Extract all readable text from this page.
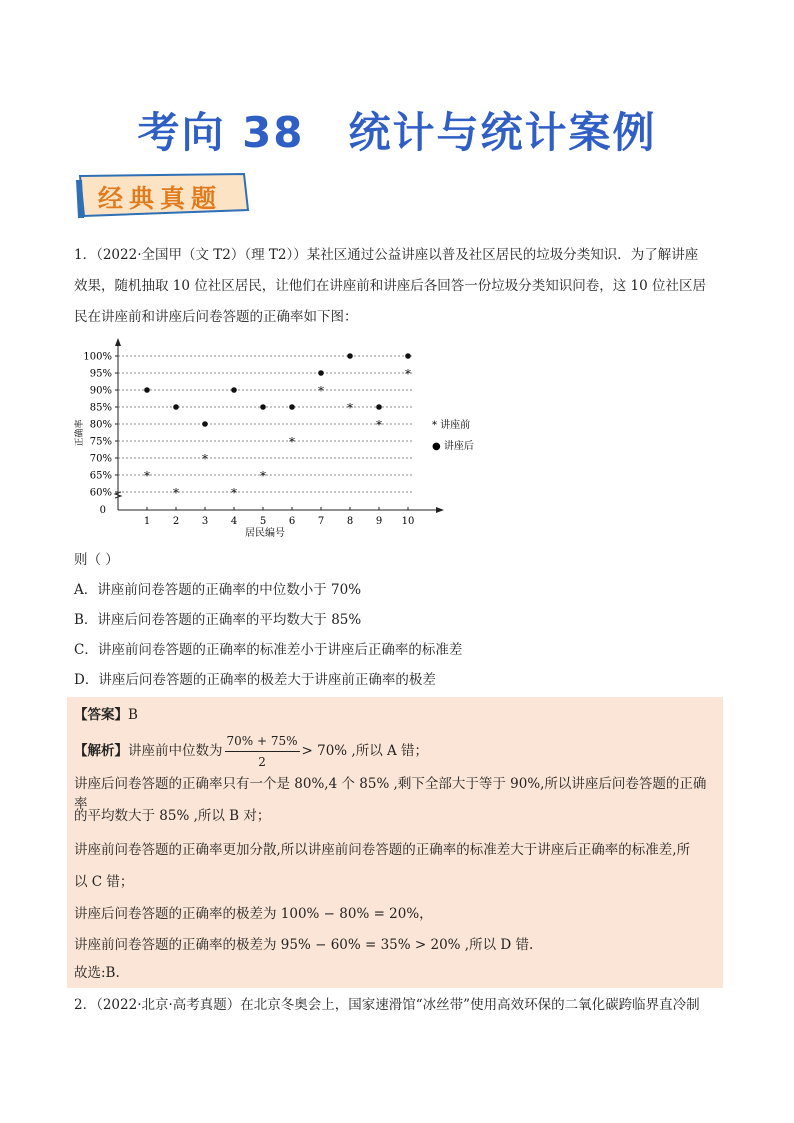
考向 38 统计与统计案例
经典真题
1．（2022·全国甲（文 T2）（理 T2））某社区通过公益讲座以普及社区居民的垃圾分类知识．为了解讲座
效果，随机抽取 10 位社区居民，让他们在讲座前和讲座后各回答一份垃圾分类知识问卷，这 10 位社区居
民在讲座前和讲座后问卷答题的正确率如下图：
0
60%
65%
70%
75%
80%
85%
90%
95%
100%
1 2 3 4 5 6 7 8 9 10
居民编号
正确率
*
*
*
*
*
*
*
*
*
*
* 讲座前
● 讲座后
则（ ）
A．讲座前问卷答题的正确率的中位数小于 70%
B．讲座后问卷答题的正确率的平均数大于 85%
C．讲座前问卷答题的正确率的标准差小于讲座后正确率的标准差
D．讲座后问卷答题的正确率的极差大于讲座前正确率的极差
【答案】B
【解析】讲座前中位数为 $\frac{70\% + 75\%}{2} > 70\%$ ,所以 A 错；
讲座后问卷答题的正确率只有一个是 80%,4 个 85% ,剩下全部大于等于 90%,所以讲座后问卷答题的正确率
的平均数大于 85% ,所以 B 对；
讲座前问卷答题的正确率更加分散,所以讲座前问卷答题的正确率的标准差大于讲座后正确率的标准差,所
以 C 错；
讲座后问卷答题的正确率的极差为 100% − 80% = 20%，
讲座前问卷答题的正确率的极差为 95% − 60% = 35% > 20% ,所以 D 错.
故选:B.
2．（2022·北京·高考真题）在北京冬奥会上，国家速滑馆“冰丝带”使用高效环保的二氧化碳跨临界直冷制
